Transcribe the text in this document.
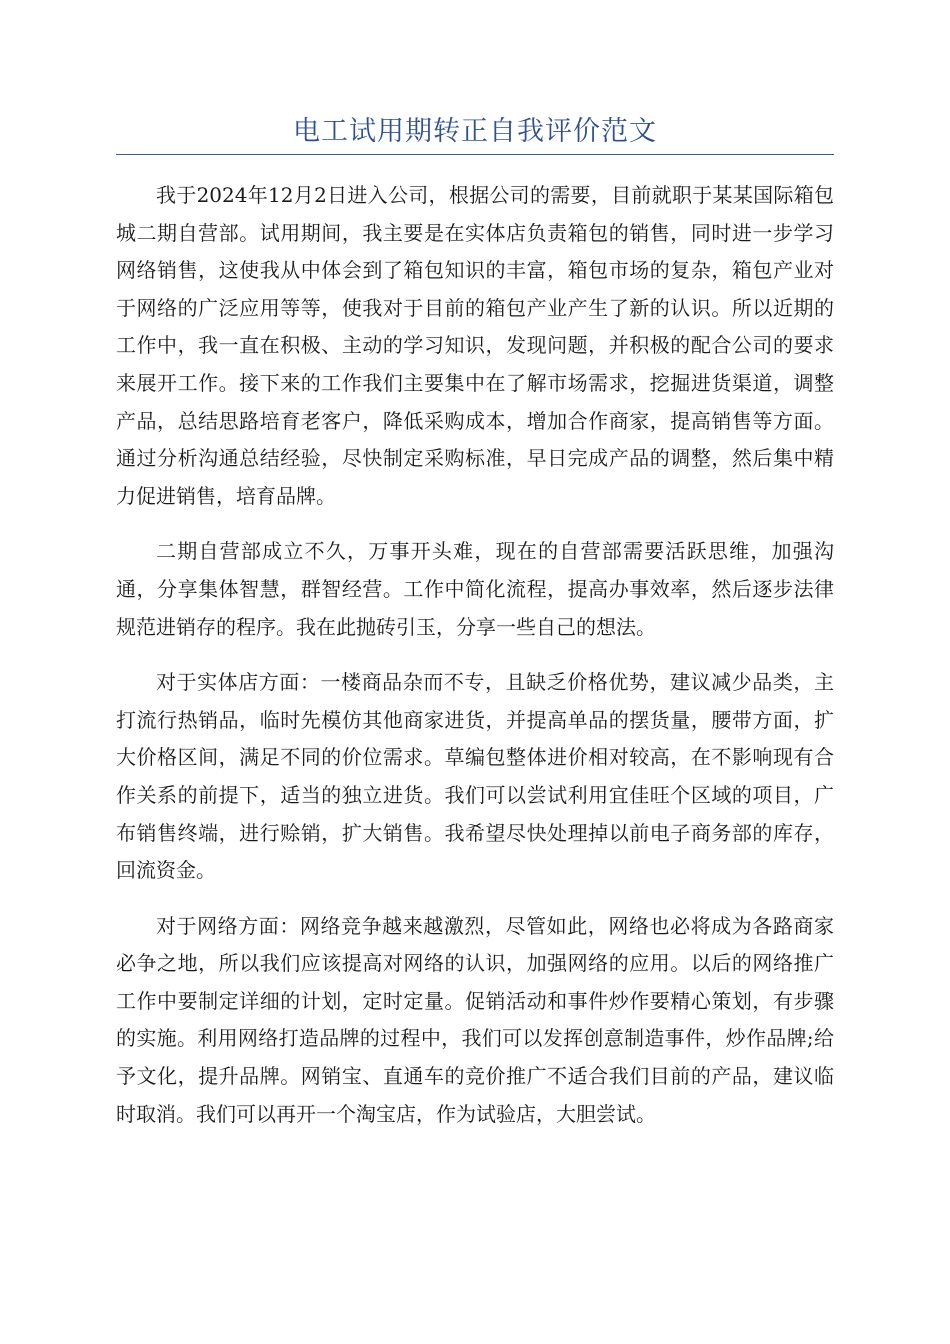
电工试用期转正自我评价范文

我于2024年12月2日进入公司，根据公司的需要，目前就职于某某国际箱包城二期自营部。试用期间，我主要是在实体店负责箱包的销售，同时进一步学习网络销售，这使我从中体会到了箱包知识的丰富，箱包市场的复杂，箱包产业对于网络的广泛应用等等，使我对于目前的箱包产业产生了新的认识。所以近期的工作中，我一直在积极、主动的学习知识，发现问题，并积极的配合公司的要求来展开工作。接下来的工作我们主要集中在了解市场需求，挖掘进货渠道，调整产品，总结思路培育老客户，降低采购成本，增加合作商家，提高销售等方面。通过分析沟通总结经验，尽快制定采购标准，早日完成产品的调整，然后集中精力促进销售，培育品牌。

二期自营部成立不久，万事开头难，现在的自营部需要活跃思维，加强沟通，分享集体智慧，群智经营。工作中简化流程，提高办事效率，然后逐步法律规范进销存的程序。我在此抛砖引玉，分享一些自己的想法。

对于实体店方面：一楼商品杂而不专，且缺乏价格优势，建议减少品类，主打流行热销品，临时先模仿其他商家进货，并提高单品的摆货量，腰带方面，扩大价格区间，满足不同的价位需求。草编包整体进价相对较高，在不影响现有合作关系的前提下，适当的独立进货。我们可以尝试利用宜佳旺个区域的项目，广布销售终端，进行赊销，扩大销售。我希望尽快处理掉以前电子商务部的库存，回流资金。

对于网络方面：网络竞争越来越激烈，尽管如此，网络也必将成为各路商家必争之地，所以我们应该提高对网络的认识，加强网络的应用。以后的网络推广工作中要制定详细的计划，定时定量。促销活动和事件炒作要精心策划，有步骤的实施。利用网络打造品牌的过程中，我们可以发挥创意制造事件，炒作品牌;给予文化，提升品牌。网销宝、直通车的竞价推广不适合我们目前的产品，建议临时取消。我们可以再开一个淘宝店，作为试验店，大胆尝试。
